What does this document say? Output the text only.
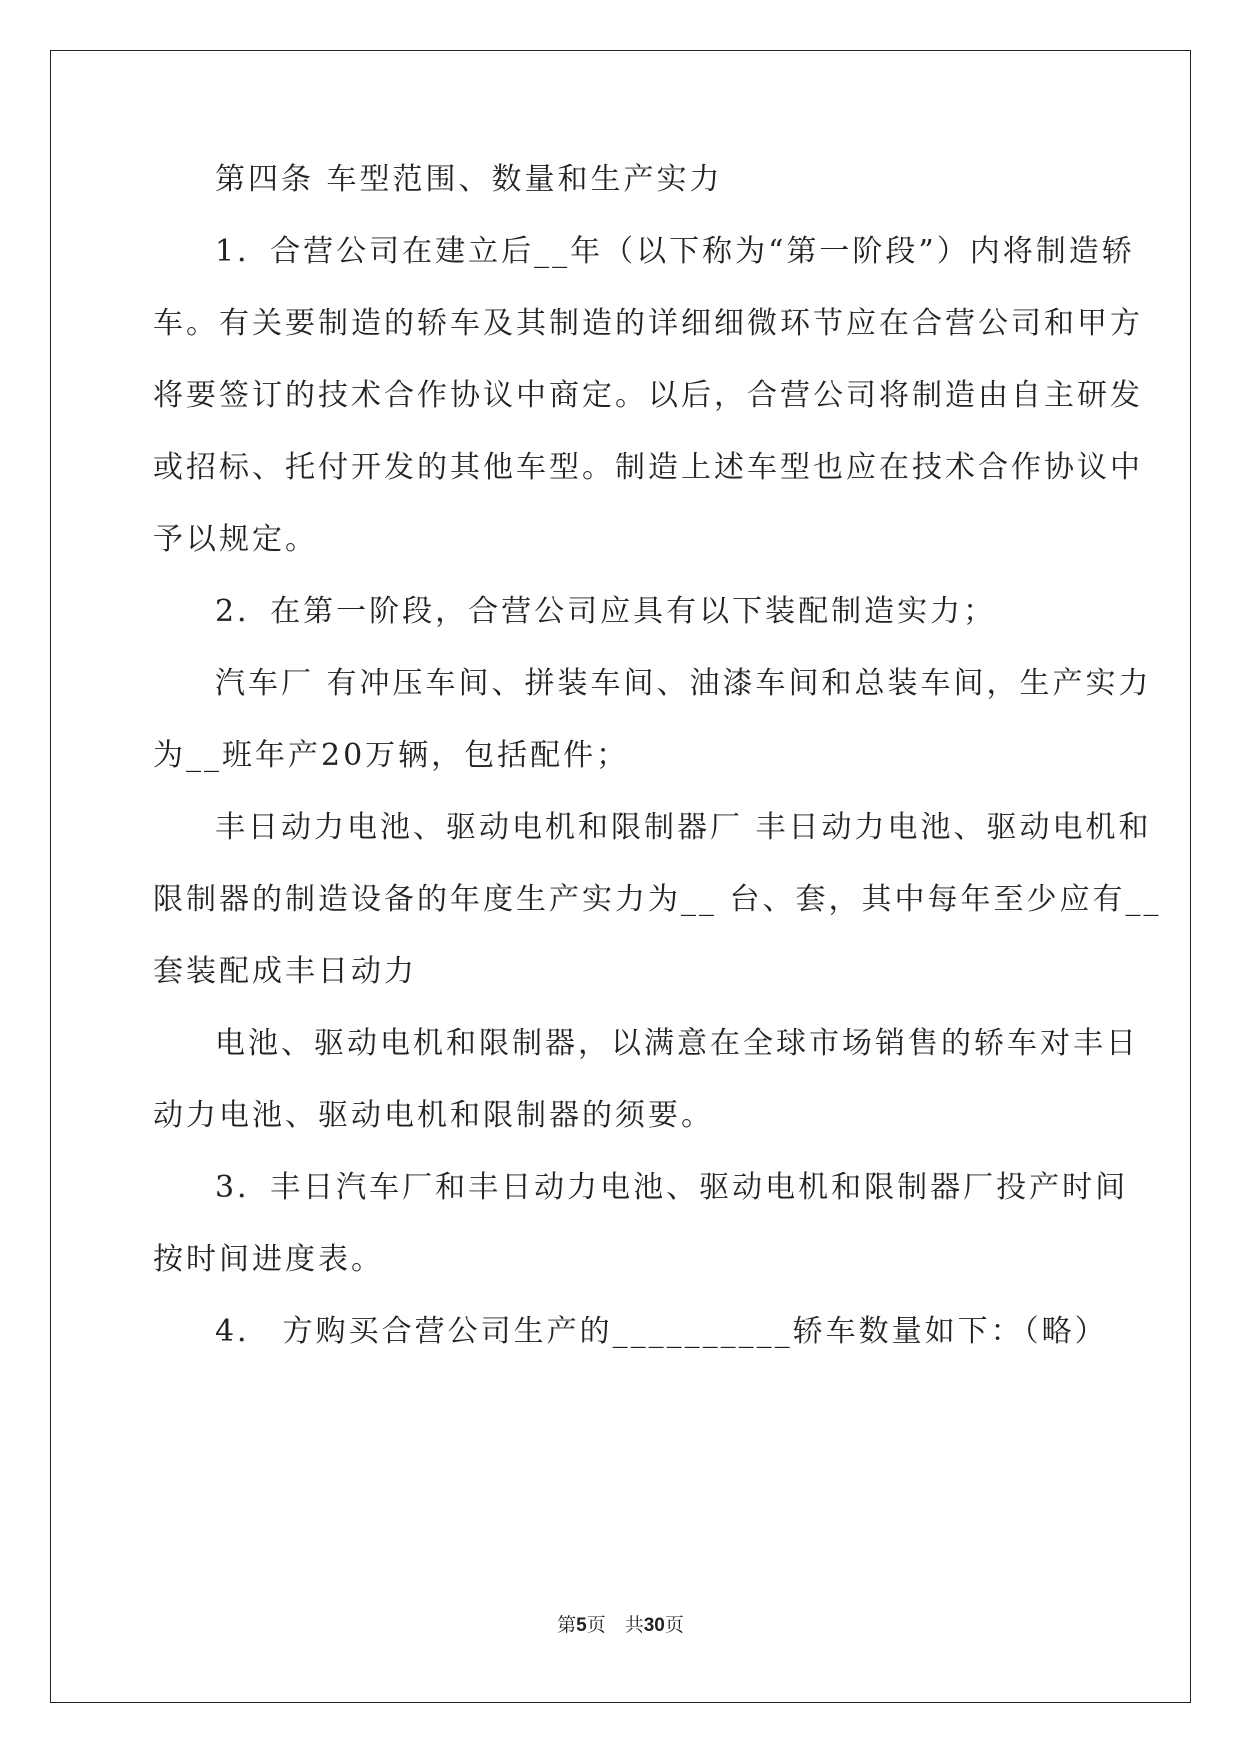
第四条 车型范围、数量和生产实力
1．合营公司在建立后__年（以下称为“第一阶段”）内将制造轿
车。有关要制造的轿车及其制造的详细细微环节应在合营公司和甲方
将要签订的技术合作协议中商定。以后，合营公司将制造由自主研发
或招标、托付开发的其他车型。制造上述车型也应在技术合作协议中
予以规定。
2．在第一阶段，合营公司应具有以下装配制造实力；
汽车厂 有冲压车间、拼装车间、油漆车间和总装车间，生产实力
为__班年产20万辆，包括配件；
丰日动力电池、驱动电机和限制器厂 丰日动力电池、驱动电机和
限制器的制造设备的年度生产实力为__ 台、套，其中每年至少应有__
套装配成丰日动力
电池、驱动电机和限制器，以满意在全球市场销售的轿车对丰日
动力电池、驱动电机和限制器的须要。
3．丰日汽车厂和丰日动力电池、驱动电机和限制器厂投产时间
按时间进度表。
4． 方购买合营公司生产的__________轿车数量如下：（略）
第5页　共30页
